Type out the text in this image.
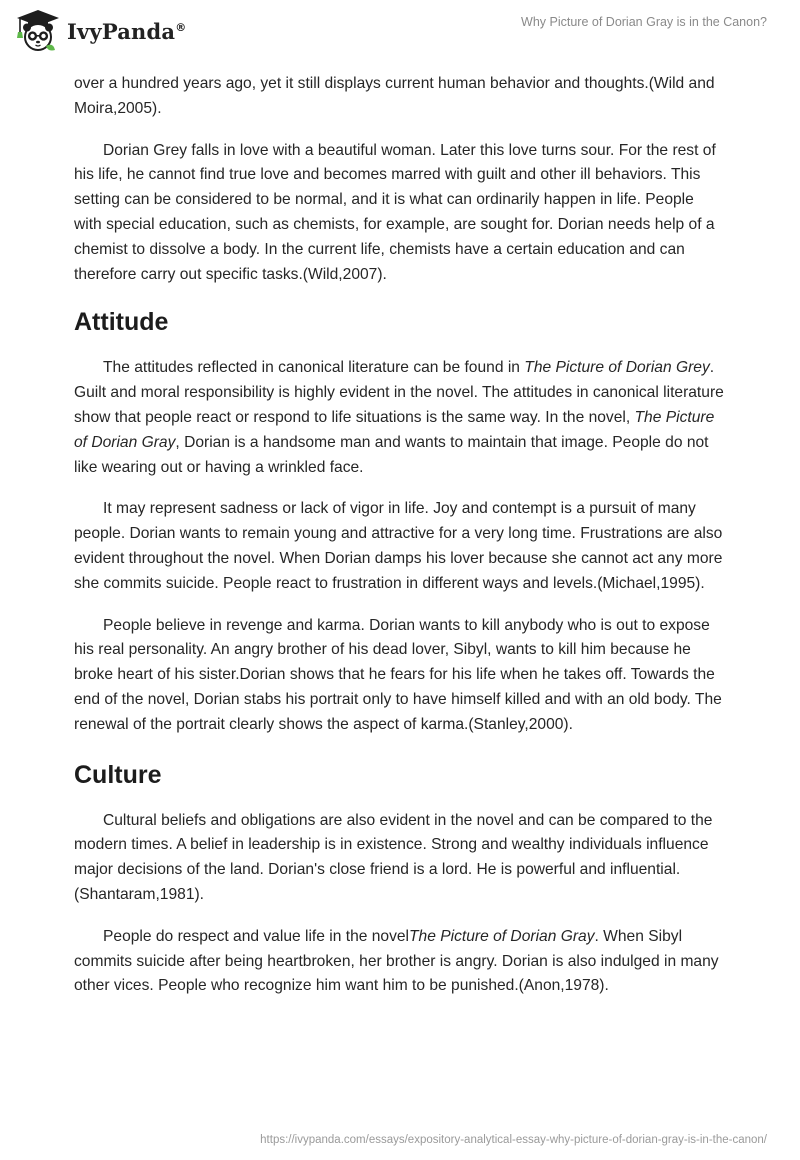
IvyPanda®	Why Picture of Dorian Gray is in the Canon?

over a hundred years ago, yet it still displays current human behavior and thoughts.(Wild and Moira,2005).

Dorian Grey falls in love with a beautiful woman. Later this love turns sour. For the rest of his life, he cannot find true love and becomes marred with guilt and other ill behaviors. This setting can be considered to be normal, and it is what can ordinarily happen in life. People with special education, such as chemists, for example, are sought for. Dorian needs help of a chemist to dissolve a body. In the current life, chemists have a certain education and can therefore carry out specific tasks.(Wild,2007).

Attitude

The attitudes reflected in canonical literature can be found in The Picture of Dorian Grey. Guilt and moral responsibility is highly evident in the novel. The attitudes in canonical literature show that people react or respond to life situations is the same way. In the novel, The Picture of Dorian Gray, Dorian is a handsome man and wants to maintain that image. People do not like wearing out or having a wrinkled face.

It may represent sadness or lack of vigor in life. Joy and contempt is a pursuit of many people. Dorian wants to remain young and attractive for a very long time. Frustrations are also evident throughout the novel. When Dorian damps his lover because she cannot act any more she commits suicide. People react to frustration in different ways and levels.(Michael,1995).

People believe in revenge and karma. Dorian wants to kill anybody who is out to expose his real personality. An angry brother of his dead lover, Sibyl, wants to kill him because he broke heart of his sister.Dorian shows that he fears for his life when he takes off. Towards the end of the novel, Dorian stabs his portrait only to have himself killed and with an old body. The renewal of the portrait clearly shows the aspect of karma.(Stanley,2000).

Culture

Cultural beliefs and obligations are also evident in the novel and can be compared to the modern times. A belief in leadership is in existence. Strong and wealthy individuals influence major decisions of the land. Dorian's close friend is a lord. He is powerful and influential.(Shantaram,1981).

People do respect and value life in the novelThe Picture of Dorian Gray. When Sibyl commits suicide after being heartbroken, her brother is angry. Dorian is also indulged in many other vices. People who recognize him want him to be punished.(Anon,1978).

https://ivypanda.com/essays/expository-analytical-essay-why-picture-of-dorian-gray-is-in-the-canon/
